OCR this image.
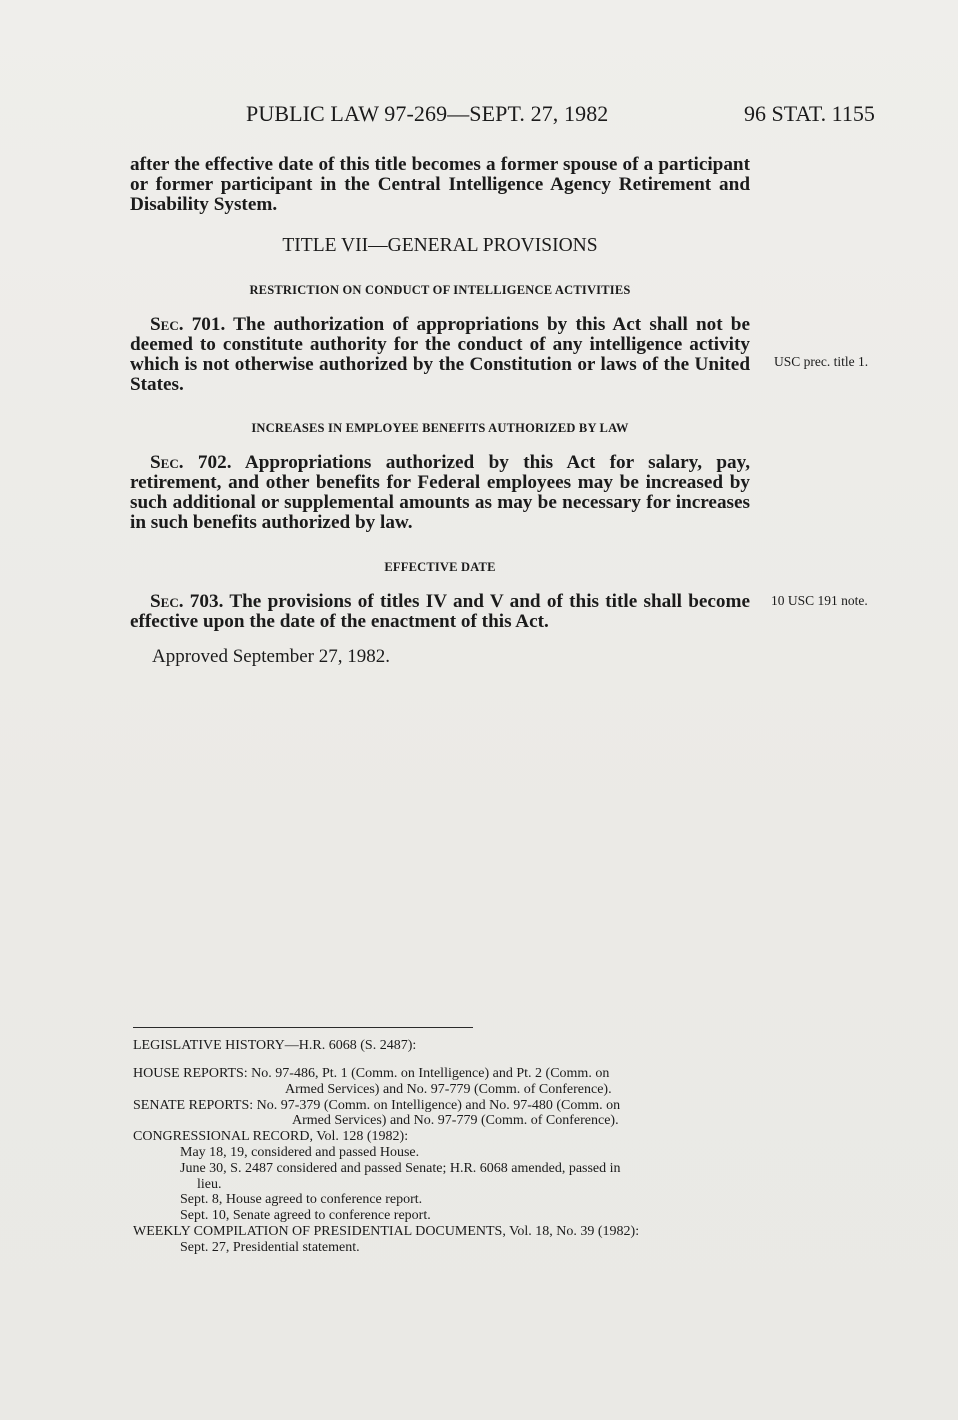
PUBLIC LAW 97-269—SEPT. 27, 1982	96 STAT. 1155
after the effective date of this title becomes a former spouse of a participant or former participant in the Central Intelligence Agency Retirement and Disability System.
TITLE VII—GENERAL PROVISIONS
RESTRICTION ON CONDUCT OF INTELLIGENCE ACTIVITIES
Sec. 701. The authorization of appropriations by this Act shall not be deemed to constitute authority for the conduct of any intelligence activity which is not otherwise authorized by the Constitution or laws of the United States.
USC prec. title 1.
INCREASES IN EMPLOYEE BENEFITS AUTHORIZED BY LAW
Sec. 702. Appropriations authorized by this Act for salary, pay, retirement, and other benefits for Federal employees may be increased by such additional or supplemental amounts as may be necessary for increases in such benefits authorized by law.
EFFECTIVE DATE
Sec. 703. The provisions of titles IV and V and of this title shall become effective upon the date of the enactment of this Act.
10 USC 191 note.
Approved September 27, 1982.
LEGISLATIVE HISTORY—H.R. 6068 (S. 2487):
HOUSE REPORTS: No. 97-486, Pt. 1 (Comm. on Intelligence) and Pt. 2 (Comm. on
Armed Services) and No. 97-779 (Comm. of Conference).
SENATE REPORTS: No. 97-379 (Comm. on Intelligence) and No. 97-480 (Comm. on
Armed Services) and No. 97-779 (Comm. of Conference).
CONGRESSIONAL RECORD, Vol. 128 (1982):
May 18, 19, considered and passed House.
June 30, S. 2487 considered and passed Senate; H.R. 6068 amended, passed in
lieu.
Sept. 8, House agreed to conference report.
Sept. 10, Senate agreed to conference report.
WEEKLY COMPILATION OF PRESIDENTIAL DOCUMENTS, Vol. 18, No. 39 (1982):
Sept. 27, Presidential statement.
